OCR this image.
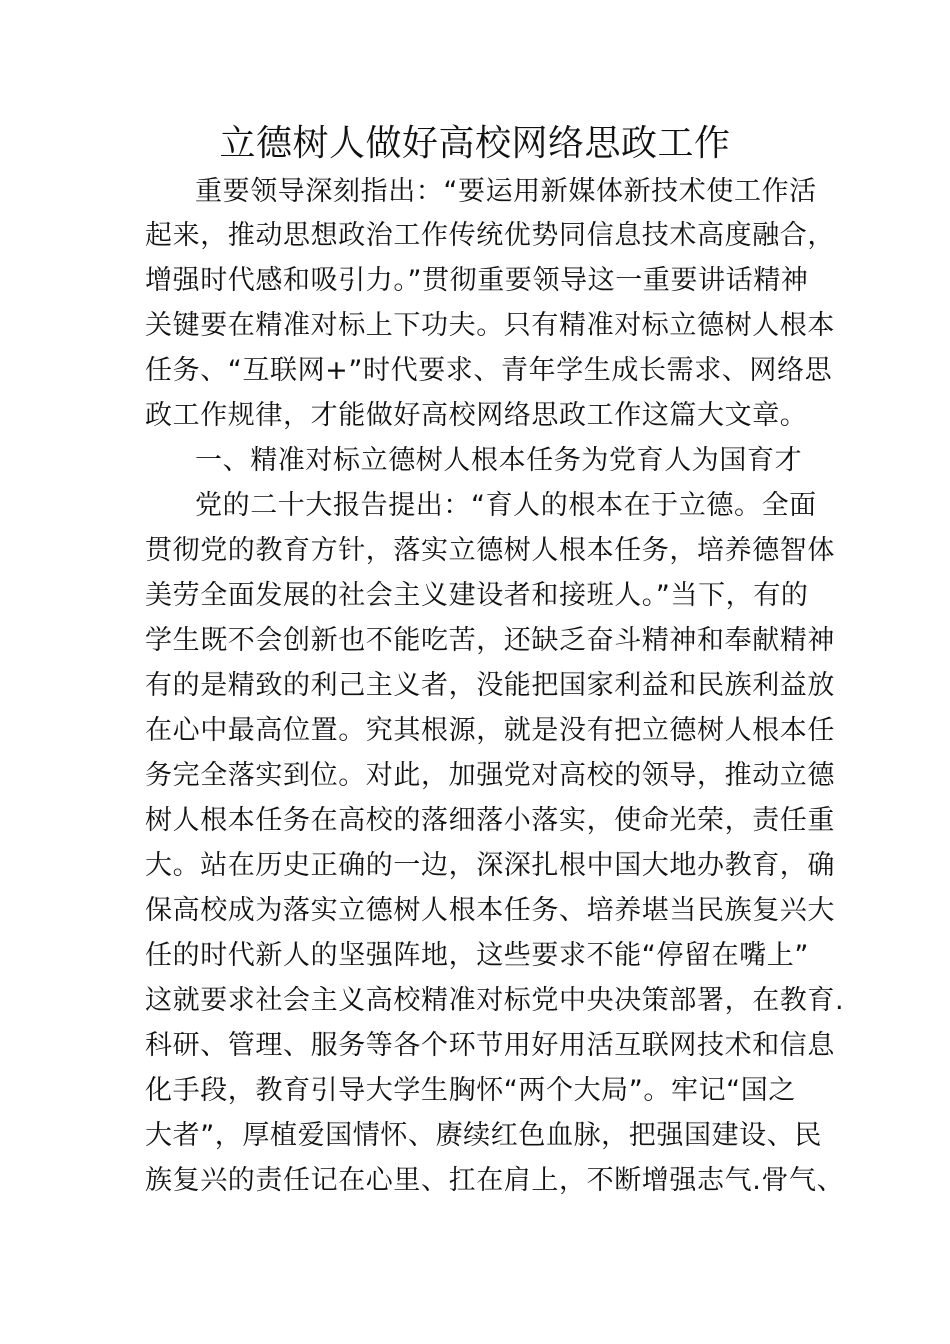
立德树人做好高校网络思政工作
重要领导深刻指出：“要运用新媒体新技术使工作活
起来，推动思想政治工作传统优势同信息技术高度融合，
增强时代感和吸引力。”贯彻重要领导这一重要讲话精神
关键要在精准对标上下功夫。只有精准对标立德树人根本
任务、“互联网+”时代要求、青年学生成长需求、网络思
政工作规律，才能做好高校网络思政工作这篇大文章。
一、精准对标立德树人根本任务为党育人为国育才
党的二十大报告提出：“育人的根本在于立德。全面
贯彻党的教育方针，落实立德树人根本任务，培养德智体
美劳全面发展的社会主义建设者和接班人。”当下，有的
学生既不会创新也不能吃苦，还缺乏奋斗精神和奉献精神
有的是精致的利己主义者，没能把国家利益和民族利益放
在心中最高位置。究其根源，就是没有把立德树人根本任
务完全落实到位。对此，加强党对高校的领导，推动立德
树人根本任务在高校的落细落小落实，使命光荣，责任重
大。站在历史正确的一边，深深扎根中国大地办教育，确
保高校成为落实立德树人根本任务、培养堪当民族复兴大
任的时代新人的坚强阵地，这些要求不能“停留在嘴上”
这就要求社会主义高校精准对标党中央决策部署，在教育.
科研、管理、服务等各个环节用好用活互联网技术和信息
化手段，教育引导大学生胸怀“两个大局”。牢记“国之
大者”，厚植爱国情怀、赓续红色血脉，把强国建设、民
族复兴的责任记在心里、扛在肩上，不断增强志气.骨气、
